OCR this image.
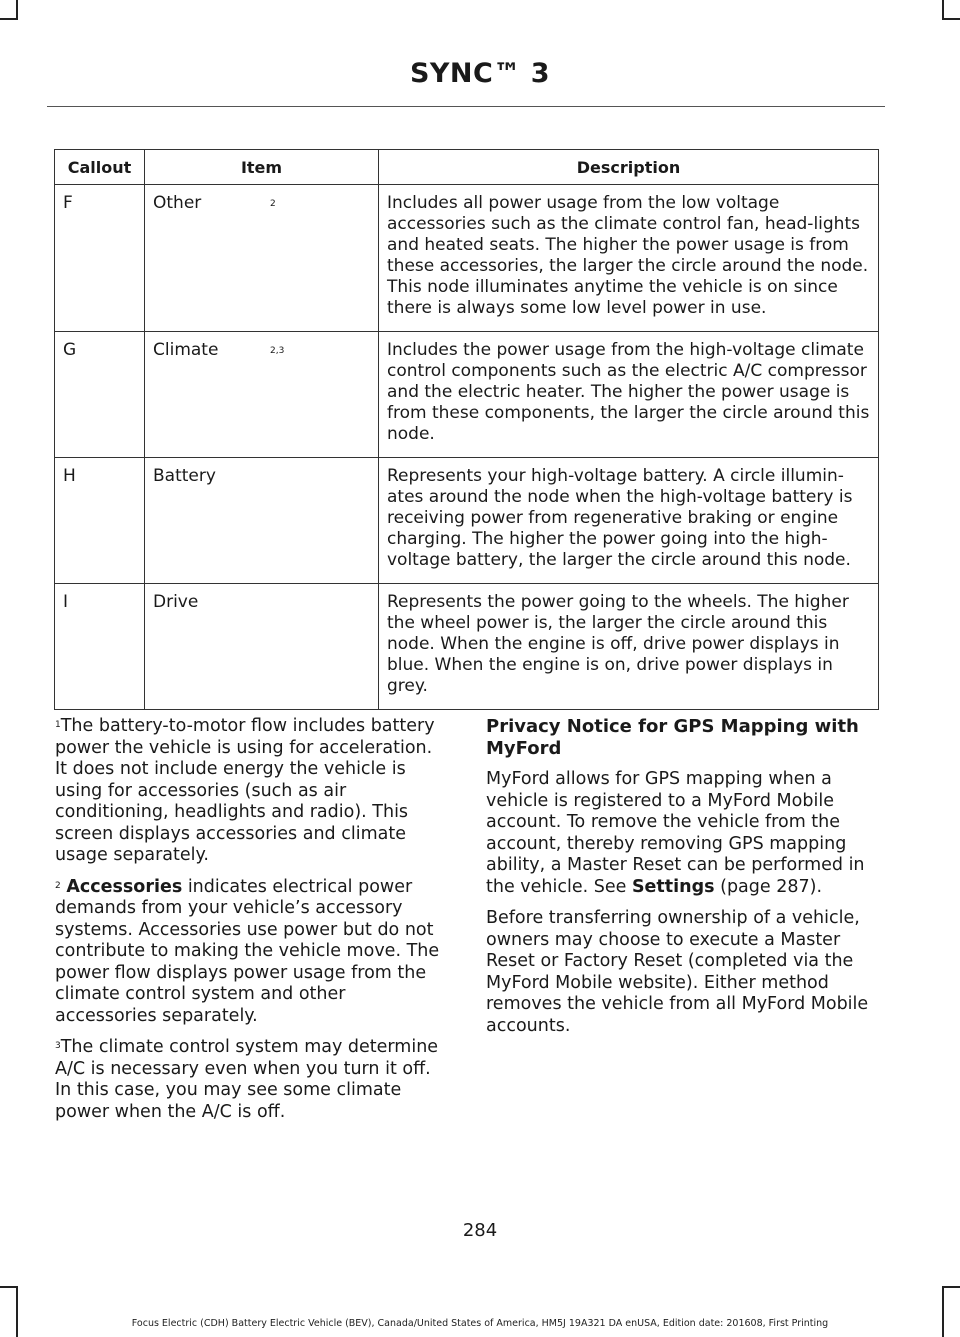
SYNC™ 3
Callout	Item	Description
F	Other 2	Includes all power usage from the low voltage accessories such as the climate control fan, head-lights and heated seats. The higher the power usage is from these accessories, the larger the circle around the node. This node illuminates anytime the vehicle is on since there is always some low level power in use.
G	Climate 2,3	Includes the power usage from the high-voltage climate control components such as the electric A/C compressor and the electric heater. The higher the power usage is from these components, the larger the circle around this node.
H	Battery	Represents your high-voltage battery. A circle illumin-ates around the node when the high-voltage battery is receiving power from regenerative braking or engine charging. The higher the power going into the high-voltage battery, the larger the circle around this node.
I	Drive	Represents the power going to the wheels. The higher the wheel power is, the larger the circle around this node. When the engine is off, drive power displays in blue. When the engine is on, drive power displays in grey.

$^1$The battery-to-motor flow includes battery power the vehicle is using for acceleration. It does not include energy the vehicle is using for accessories (such as air conditioning, headlights and radio). This screen displays accessories and climate usage separately.

$^2$ Accessories indicates electrical power demands from your vehicle’s accessory systems. Accessories use power but do not contribute to making the vehicle move. The power flow displays power usage from the climate control system and other accessories separately.

$^3$The climate control system may determine A/C is necessary even when you turn it off. In this case, you may see some climate power when the A/C is off.

Privacy Notice for GPS Mapping with MyFord

MyFord allows for GPS mapping when a vehicle is registered to a MyFord Mobile account. To remove the vehicle from the account, thereby removing GPS mapping ability, a Master Reset can be performed in the vehicle. See Settings (page 287).

Before transferring ownership of a vehicle, owners may choose to execute a Master Reset or Factory Reset (completed via the MyFord Mobile website). Either method removes the vehicle from all MyFord Mobile accounts.

284
Focus Electric (CDH) Battery Electric Vehicle (BEV), Canada/United States of America, HM5J 19A321 DA enUSA, Edition date: 201608, First Printing
